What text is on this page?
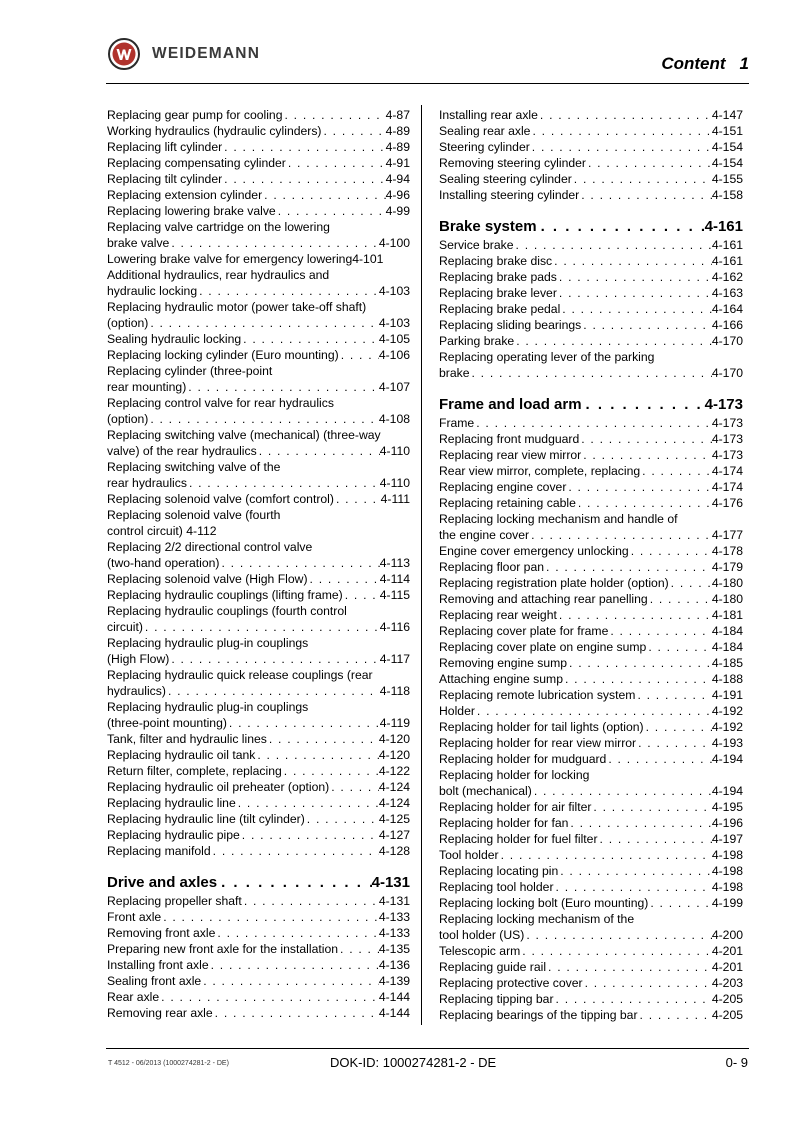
WEIDEMANN
Content 1
Replacing gear pump for cooling . . .	4-87
Working hydraulics (hydraulic cylinders) . . .	4-89
Replacing lift cylinder . . .	4-89
Replacing compensating cylinder . . .	4-91
Replacing tilt cylinder . . .	4-94
Replacing extension cylinder . . .	4-96
Replacing lowering brake valve . . .	4-99
Replacing valve cartridge on the lowering
brake valve . . .	4-100
Lowering brake valve for emergency lowering4-101
Additional hydraulics, rear hydraulics and
hydraulic locking . . .	4-103
Replacing hydraulic motor (power take-off shaft)
(option) . . .	4-103
Sealing hydraulic locking . . .	4-105
Replacing locking cylinder (Euro mounting) . . .	4-106
Replacing cylinder (three-point
rear mounting) . . .	4-107
Replacing control valve for rear hydraulics
(option) . . .	4-108
Replacing switching valve (mechanical) (three-way
valve) of the rear hydraulics . . .	4-110
Replacing switching valve of the
rear hydraulics . . .	4-110
Replacing solenoid valve (comfort control) . . .	4-111
Replacing solenoid valve (fourth
control circuit) 4-112
Replacing 2/2 directional control valve
(two-hand operation) . . .	4-113
Replacing solenoid valve (High Flow) . . .	4-114
Replacing hydraulic couplings (lifting frame) . . .	4-115
Replacing hydraulic couplings (fourth control
circuit) . . .	4-116
Replacing hydraulic plug-in couplings
(High Flow) . . .	4-117
Replacing hydraulic quick release couplings (rear
hydraulics) . . .	4-118
Replacing hydraulic plug-in couplings
(three-point mounting) . . .	4-119
Tank, filter and hydraulic lines . . .	4-120
Replacing hydraulic oil tank . . .	4-120
Return filter, complete, replacing . . .	4-122
Replacing hydraulic oil preheater (option) . . .	4-124
Replacing hydraulic line . . .	4-124
Replacing hydraulic line (tilt cylinder) . . .	4-125
Replacing hydraulic pipe . . .	4-127
Replacing manifold . . .	4-128
Drive and axles . . .	4-131
Replacing propeller shaft . . .	4-131
Front axle . . .	4-133
Removing front axle . . .	4-133
Preparing new front axle for the installation . . .	4-135
Installing front axle . . .	4-136
Sealing front axle . . .	4-139
Rear axle . . .	4-144
Removing rear axle . . .	4-144
Installing rear axle . . .	4-147
Sealing rear axle . . .	4-151
Steering cylinder . . .	4-154
Removing steering cylinder . . .	4-154
Sealing steering cylinder . . .	4-155
Installing steering cylinder . . .	4-158
Brake system . . .	4-161
Service brake . . .	4-161
Replacing brake disc . . .	4-161
Replacing brake pads . . .	4-162
Replacing brake lever . . .	4-163
Replacing brake pedal . . .	4-164
Replacing sliding bearings . . .	4-166
Parking brake . . .	4-170
Replacing operating lever of the parking
brake . . .	4-170
Frame and load arm . . .	4-173
Frame . . .	4-173
Replacing front mudguard . . .	4-173
Replacing rear view mirror . . .	4-173
Rear view mirror, complete, replacing . . .	4-174
Replacing engine cover . . .	4-174
Replacing retaining cable . . .	4-176
Replacing locking mechanism and handle of
the engine cover . . .	4-177
Engine cover emergency unlocking . . .	4-178
Replacing floor pan . . .	4-179
Replacing registration plate holder (option) . . .	4-180
Removing and attaching rear panelling . . .	4-180
Replacing rear weight . . .	4-181
Replacing cover plate for frame . . .	4-184
Replacing cover plate on engine sump . . .	4-184
Removing engine sump . . .	4-185
Attaching engine sump . . .	4-188
Replacing remote lubrication system . . .	4-191
Holder . . .	4-192
Replacing holder for tail lights (option) . . .	4-192
Replacing holder for rear view mirror . . .	4-193
Replacing holder for mudguard . . .	4-194
Replacing holder for locking
bolt (mechanical) . . .	4-194
Replacing holder for air filter . . .	4-195
Replacing holder for fan . . .	4-196
Replacing holder for fuel filter . . .	4-197
Tool holder . . .	4-198
Replacing locating pin . . .	4-198
Replacing tool holder . . .	4-198
Replacing locking bolt (Euro mounting) . . .	4-199
Replacing locking mechanism of the
tool holder (US) . . .	4-200
Telescopic arm . . .	4-201
Replacing guide rail . . .	4-201
Replacing protective cover . . .	4-203
Replacing tipping bar . . .	4-205
Replacing bearings of the tipping bar . . .	4-205
T 4512 - 06/2013 (1000274281-2 - DE)	DOK-ID: 1000274281-2 - DE	0- 9
